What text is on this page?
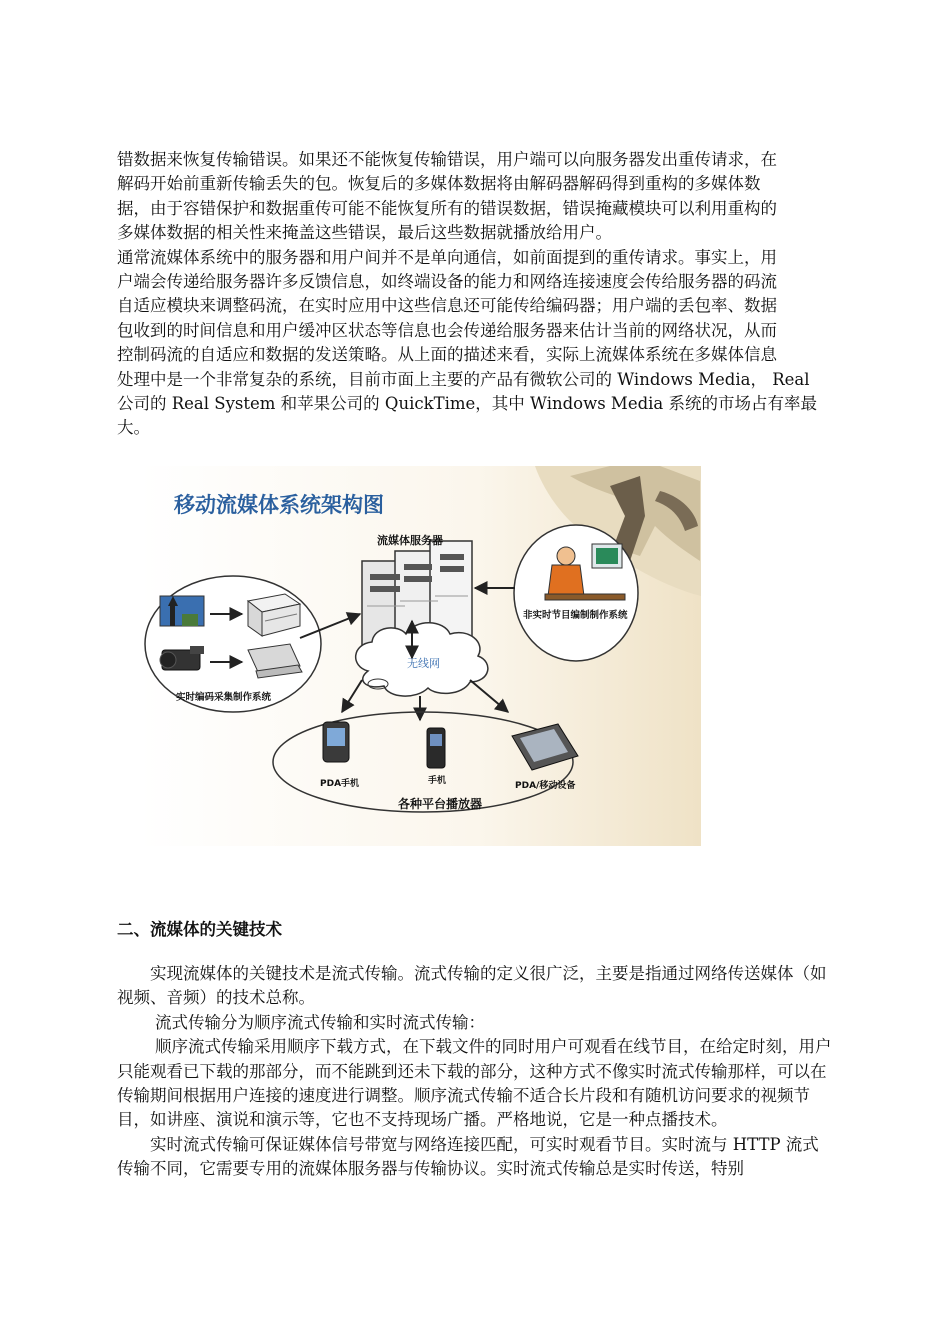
错数据来恢复传输错误。如果还不能恢复传输错误，用户端可以向服务器发出重传请求，在
解码开始前重新传输丢失的包。恢复后的多媒体数据将由解码器解码得到重构的多媒体数
据，由于容错保护和数据重传可能不能恢复所有的错误数据，错误掩藏模块可以利用重构的
多媒体数据的相关性来掩盖这些错误，最后这些数据就播放给用户。
通常流媒体系统中的服务器和用户间并不是单向通信，如前面提到的重传请求。事实上，用
户端会传递给服务器许多反馈信息，如终端设备的能力和网络连接速度会传给服务器的码流
自适应模块来调整码流，在实时应用中这些信息还可能传给编码器；用户端的丢包率、数据
包收到的时间信息和用户缓冲区状态等信息也会传递给服务器来估计当前的网络状况，从而
控制码流的自适应和数据的发送策略。从上面的描述来看，实际上流媒体系统在多媒体信息
处理中是一个非常复杂的系统，目前市面上主要的产品有微软公司的 Windows Media， Real
公司的 Real System 和苹果公司的 QuickTime，其中 Windows Media 系统的市场占有率最
大。
移动流媒体系统架构图
流媒体服务器
非实时节目编制制作系统
实时编码采集制作系统
无线网
PDA手机	手机	PDA/移动设备
各种平台播放器
二、流媒体的关键技术

实现流媒体的关键技术是流式传输。流式传输的定义很广泛，主要是指通过网络传送媒体（如视频、音频）的技术总称。

流式传输分为顺序流式传输和实时流式传输：

顺序流式传输采用顺序下载方式，在下载文件的同时用户可观看在线节目，在给定时刻，用户只能观看已下载的那部分，而不能跳到还未下载的部分，这种方式不像实时流式传输那样，可以在传输期间根据用户连接的速度进行调整。顺序流式传输不适合长片段和有随机访问要求的视频节目，如讲座、演说和演示等，它也不支持现场广播。严格地说，它是一种点播技术。

实时流式传输可保证媒体信号带宽与网络连接匹配，可实时观看节目。实时流与 HTTP 流式传输不同，它需要专用的流媒体服务器与传输协议。实时流式传输总是实时传送，特别
